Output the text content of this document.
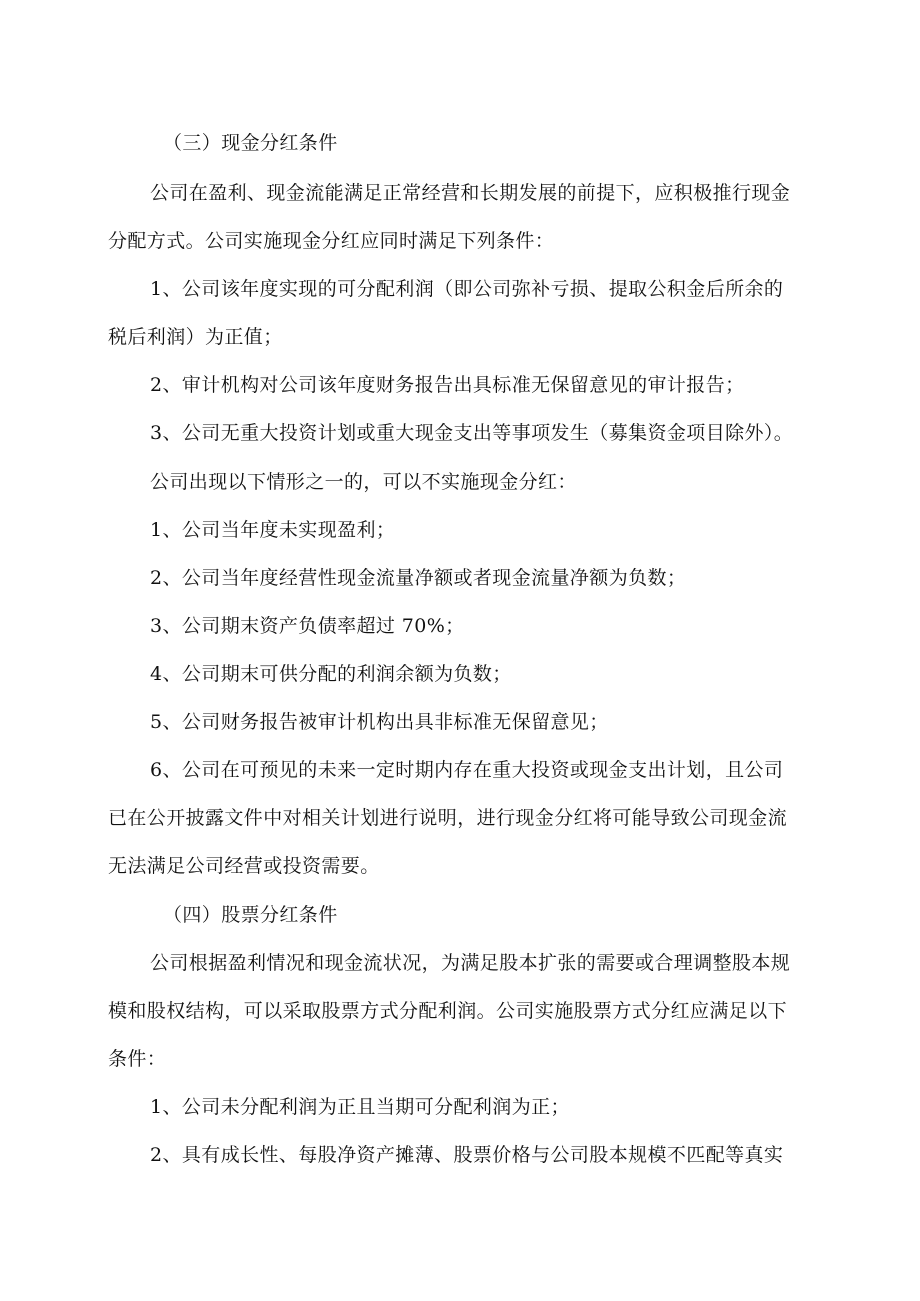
（三）现金分红条件
公司在盈利、现金流能满足正常经营和长期发展的前提下，应积极推行现金
分配方式。公司实施现金分红应同时满足下列条件：
1、公司该年度实现的可分配利润（即公司弥补亏损、提取公积金后所余的
税后利润）为正值；
2、审计机构对公司该年度财务报告出具标准无保留意见的审计报告；
3、公司无重大投资计划或重大现金支出等事项发生（募集资金项目除外）。
公司出现以下情形之一的，可以不实施现金分红：
1、公司当年度未实现盈利；
2、公司当年度经营性现金流量净额或者现金流量净额为负数；
3、公司期末资产负债率超过 70%；
4、公司期末可供分配的利润余额为负数；
5、公司财务报告被审计机构出具非标准无保留意见；
6、公司在可预见的未来一定时期内存在重大投资或现金支出计划，且公司
已在公开披露文件中对相关计划进行说明，进行现金分红将可能导致公司现金流
无法满足公司经营或投资需要。
（四）股票分红条件
公司根据盈利情况和现金流状况，为满足股本扩张的需要或合理调整股本规
模和股权结构，可以采取股票方式分配利润。公司实施股票方式分红应满足以下
条件：
1、公司未分配利润为正且当期可分配利润为正；
2、具有成长性、每股净资产摊薄、股票价格与公司股本规模不匹配等真实
